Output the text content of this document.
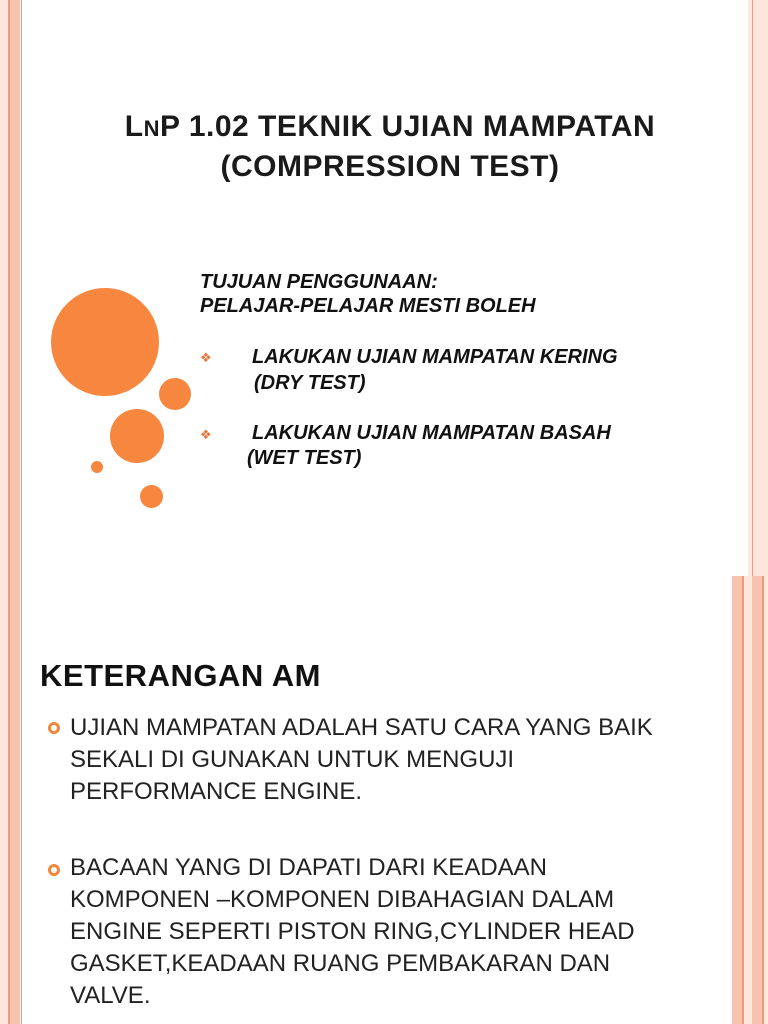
LNP 1.02 TEKNIK UJIAN MAMPATAN
(COMPRESSION TEST)
TUJUAN PENGGUNAAN:
PELAJAR-PELAJAR MESTI BOLEH
❖ LAKUKAN UJIAN MAMPATAN KERING
(DRY TEST)
❖ LAKUKAN UJIAN MAMPATAN BASAH
(WET TEST)
KETERANGAN AM

UJIAN MAMPATAN ADALAH SATU CARA YANG BAIK SEKALI DI GUNAKAN UNTUK MENGUJI PERFORMANCE ENGINE.

BACAAN YANG DI DAPATI DARI KEADAAN KOMPONEN –KOMPONEN DIBAHAGIAN DALAM ENGINE SEPERTI PISTON RING,CYLINDER HEAD GASKET,KEADAAN RUANG PEMBAKARAN DAN VALVE.
